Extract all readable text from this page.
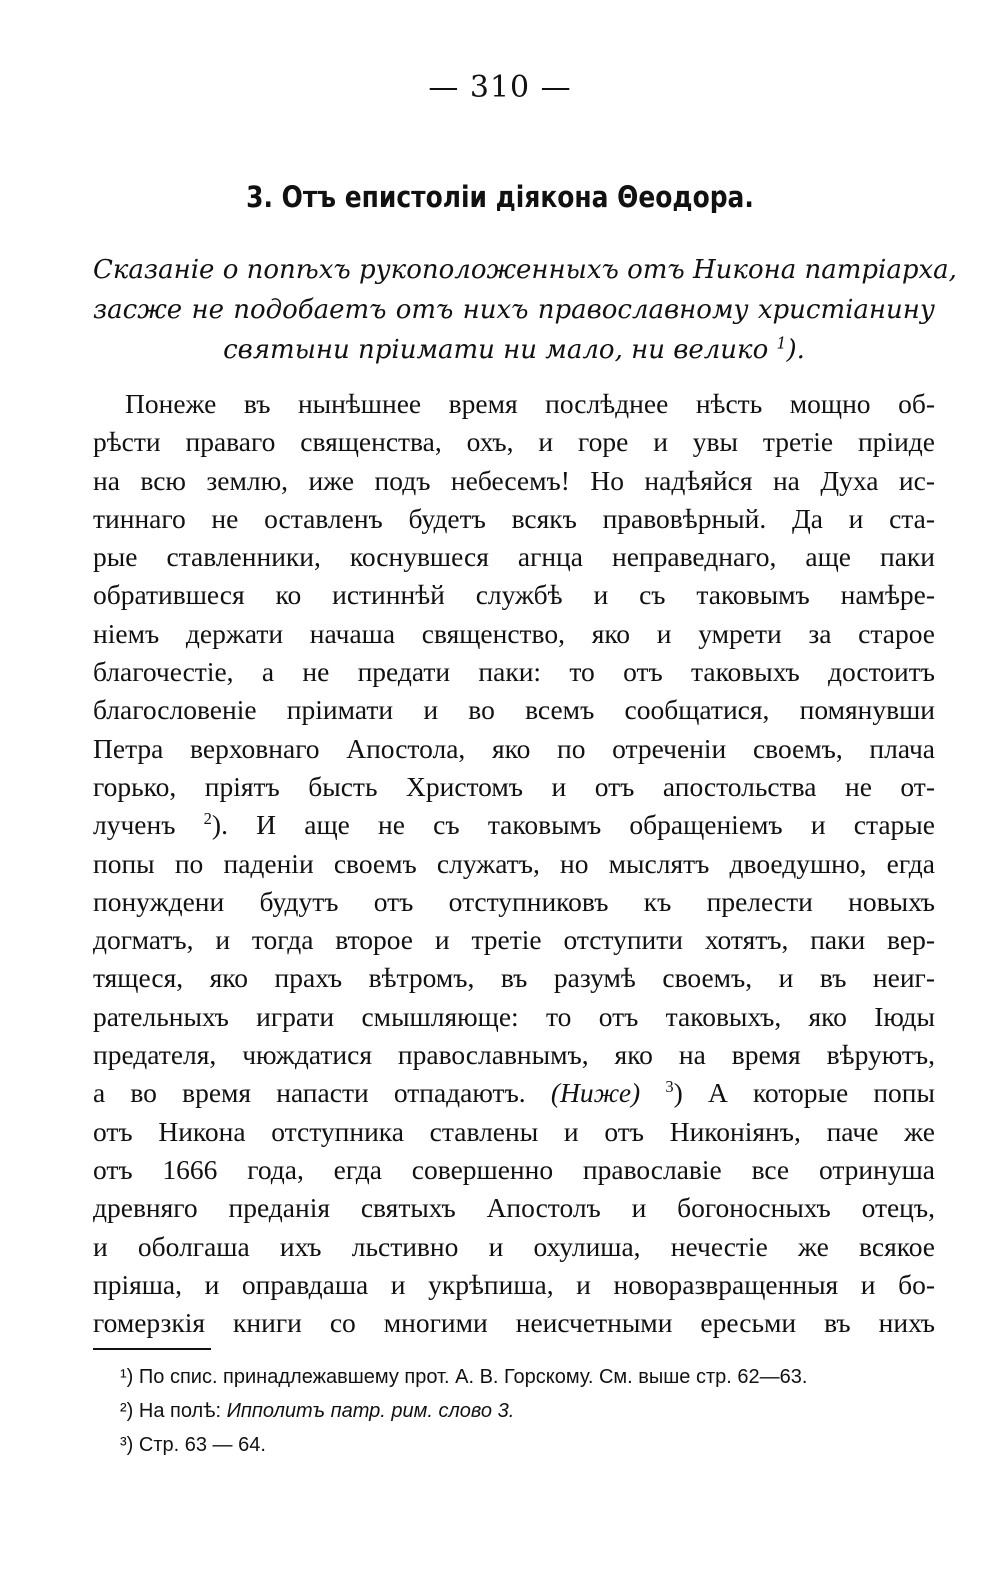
— 310 —
3. Отъ епистоліи діякона Θеодора.
Сказаніе о попѣхъ рукоположенныхъ отъ Никона патріарха,
засже не подобаетъ отъ нихъ православному христіанину
святыни пріимати ни мало, ни велико $^1$).
Понеже въ нынѣшнее время послѣднее нѣсть мощно об-
рѣсти праваго священства, охъ, и горе и увы третіе пріиде
на всю землю, иже подъ небесемъ! Но надѣяйся на Духа ис-
тиннаго не оставленъ будетъ всякъ правовѣрный. Да и ста-
рые ставленники, коснувшеся агнца неправеднаго, аще паки
обратившеся ко истиннѣй службѣ и съ таковымъ намѣре-
ніемъ держати начаша священство, яко и умрети за старое
благочестіе, а не предати паки: то отъ таковыхъ достоитъ
благословеніе пріимати и во всемъ сообщатися, помянувши
Петра верховнаго Апостола, яко по отреченіи своемъ, плача
горько, пріятъ бысть Христомъ и отъ апостольства не от-
лученъ $^2$). И аще не съ таковымъ обращеніемъ и старые
попы по паденіи своемъ служатъ, но мыслятъ двоедушно, егда
понуждени будутъ отъ отступниковъ къ прелести новыхъ
догматъ, и тогда второе и третіе отступити хотятъ, паки вер-
тящеся, яко прахъ вѣтромъ, въ разумѣ своемъ, и въ неиг-
рательныхъ играти смышляюще: то отъ таковыхъ, яко Іюды
предателя, чюждатися православнымъ, яко на время вѣруютъ,
а во время напасти отпадаютъ. (Ниже) $^3$) А которые попы
отъ Никона отступника ставлены и отъ Никоніянъ, паче же
отъ 1666 года, егда совершенно православіе все отринуша
древняго преданія святыхъ Апостолъ и богоносныхъ отецъ,
и оболгаша ихъ льстивно и охулиша, нечестіе же всякое
пріяша, и оправдаша и укрѣпиша, и новоразвращенныя и бо-
гомерзкія книги со многими неисчетными ересьми въ нихъ
¹) По спис. принадлежавшему прот. А. В. Горскому. См. выше стр. 62—63.
²) На полѣ: Ипполитъ патр. рим. слово 3.
³) Стр. 63 — 64.
